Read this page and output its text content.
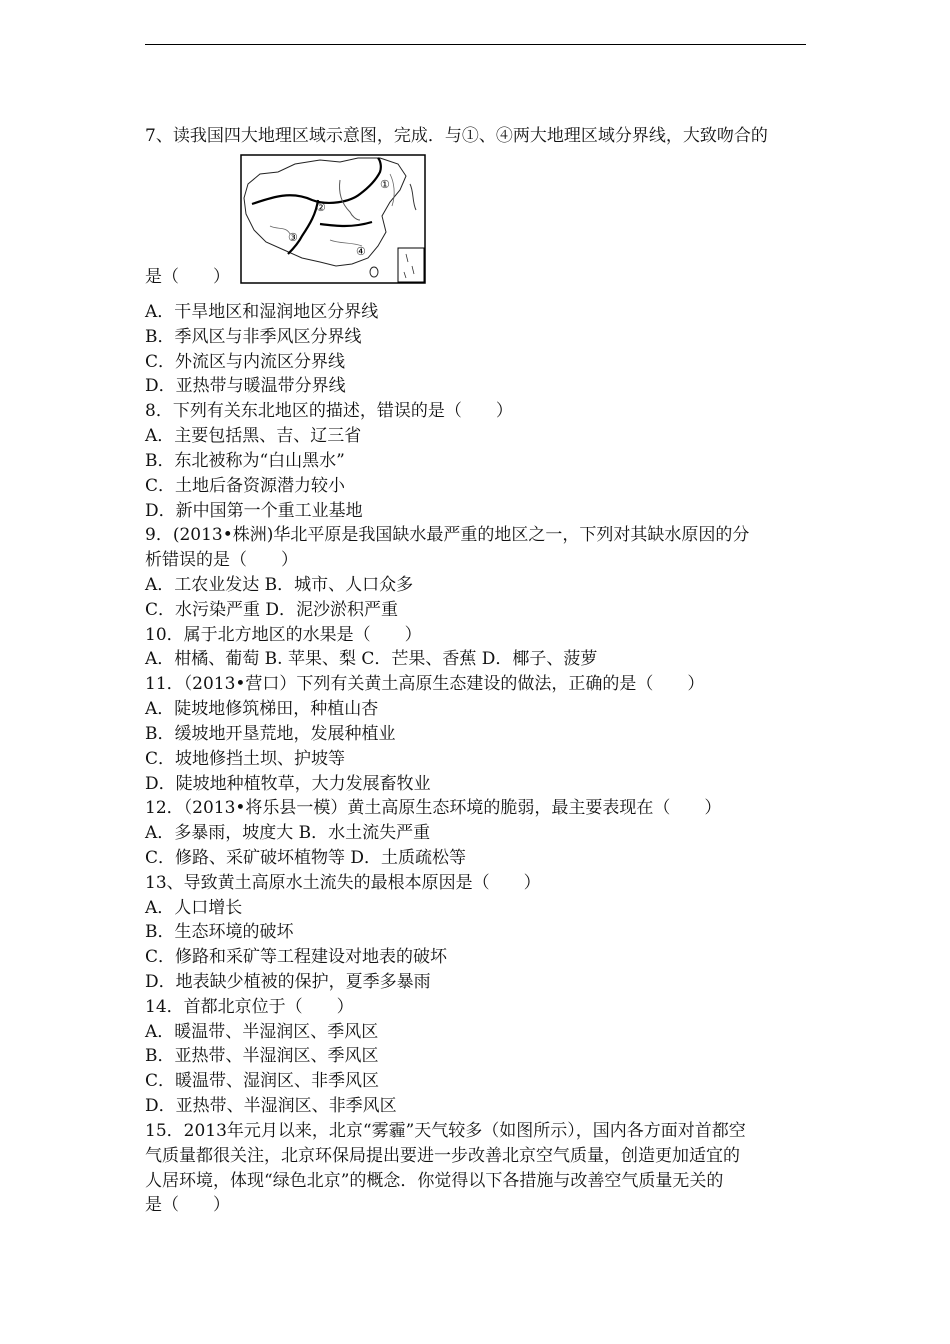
7、读我国四大地理区域示意图，完成．与①、④两大地理区域分界线，大致吻合的
①
②
③
④
是（　　）
A．干旱地区和湿润地区分界线
B．季风区与非季风区分界线
C．外流区与内流区分界线
D．亚热带与暖温带分界线
8．下列有关东北地区的描述，错误的是（　　）
A．主要包括黑、吉、辽三省
B．东北被称为“白山黑水”
C．土地后备资源潜力较小
D．新中国第一个重工业基地
9．(2013•株洲)华北平原是我国缺水最严重的地区之一，下列对其缺水原因的分
析错误的是（　　）
A．工农业发达 B．城市、人口众多
C．水污染严重 D．泥沙淤积严重
10．属于北方地区的水果是（　　）
A．柑橘、葡萄 B. 苹果、梨 C．芒果、香蕉 D．椰子、菠萝
11．（2013•营口）下列有关黄土高原生态建设的做法，正确的是（　　）
A．陡坡地修筑梯田，种植山杏
B．缓坡地开垦荒地，发展种植业
C．坡地修挡土坝、护坡等
D．陡坡地种植牧草，大力发展畜牧业
12．（2013•将乐县一模）黄土高原生态环境的脆弱，最主要表现在（　　）
A．多暴雨，坡度大 B．水土流失严重
C．修路、采矿破坏植物等 D．土质疏松等
13、导致黄土高原水土流失的最根本原因是（　　）
A．人口增长
B．生态环境的破坏
C．修路和采矿等工程建设对地表的破坏
D．地表缺少植被的保护，夏季多暴雨
14．首都北京位于（　　）
A．暖温带、半湿润区、季风区
B．亚热带、半湿润区、季风区
C．暖温带、湿润区、非季风区
D．亚热带、半湿润区、非季风区
15．2013年元月以来，北京“雾霾”天气较多（如图所示），国内各方面对首都空
气质量都很关注，北京环保局提出要进一步改善北京空气质量，创造更加适宜的
人居环境，体现“绿色北京”的概念．你觉得以下各措施与改善空气质量无关的
是（　　）
